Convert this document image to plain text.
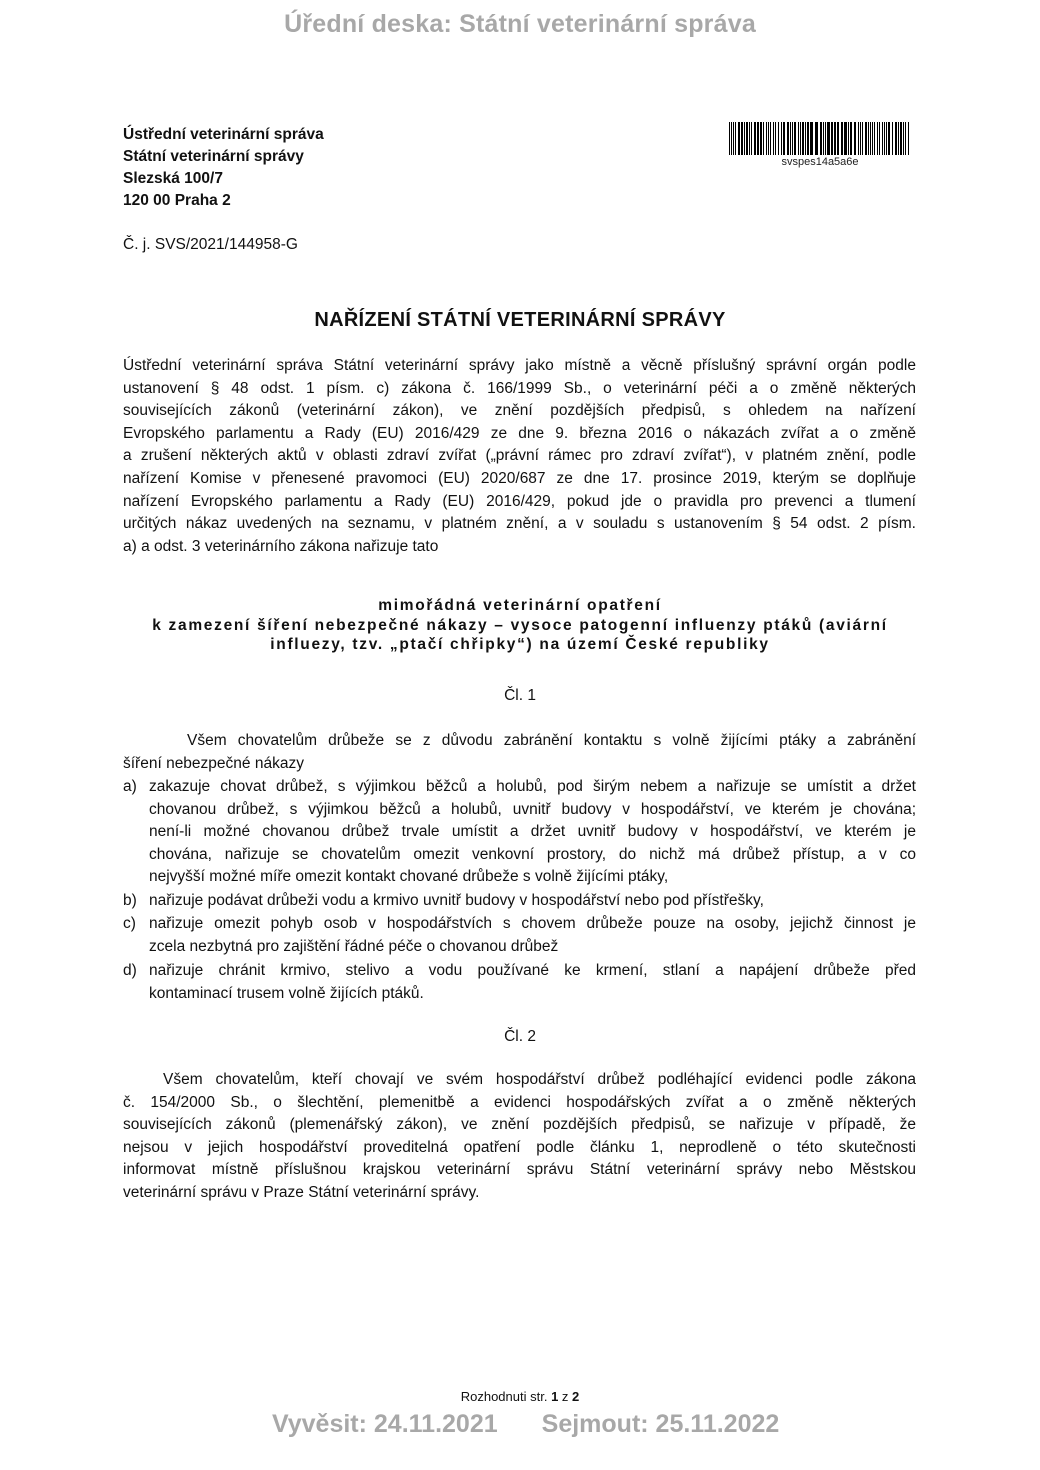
Úřední deska: Státní veterinární správa
Ústřední veterinární správa
Státní veterinární správy
Slezská 100/7
120 00 Praha 2
svspes14a5a6e
Č. j. SVS/2021/144958-G
NAŘÍZENÍ STÁTNÍ VETERINÁRNÍ SPRÁVY
Ústřední veterinární správa Státní veterinární správy jako místně a věcně příslušný správní orgán podle
ustanovení § 48 odst. 1 písm. c) zákona č. 166/1999 Sb., o veterinární péči a o změně některých
souvisejících zákonů (veterinární zákon), ve znění pozdějších předpisů, s ohledem na nařízení
Evropského parlamentu a Rady (EU) 2016/429 ze dne 9. března 2016 o nákazách zvířat a o změně
a zrušení některých aktů v oblasti zdraví zvířat („právní rámec pro zdraví zvířat“), v platném znění, podle
nařízení Komise v přenesené pravomoci (EU) 2020/687 ze dne 17. prosince 2019, kterým se doplňuje
nařízení Evropského parlamentu a Rady (EU) 2016/429, pokud jde o pravidla pro prevenci a tlumení
určitých nákaz uvedených na seznamu, v platném znění, a v souladu s ustanovením § 54 odst. 2 písm.
a) a odst. 3 veterinárního zákona nařizuje tato
mimořádná veterinární opatření
k zamezení šíření nebezpečné nákazy – vysoce patogenní influenzy ptáků (aviární
influezy, tzv. „ptačí chřipky“) na území České republiky
Čl. 1
Všem chovatelům drůbeže se z důvodu zabránění kontaktu s volně žijícími ptáky a zabránění
šíření nebezpečné nákazy
a) zakazuje chovat drůbež, s výjimkou běžců a holubů, pod širým nebem a nařizuje se umístit a držet
chovanou drůbež, s výjimkou běžců a holubů, uvnitř budovy v hospodářství, ve kterém je chována;
není-li možné chovanou drůbež trvale umístit a držet uvnitř budovy v hospodářství, ve kterém je
chována, nařizuje se chovatelům omezit venkovní prostory, do nichž má drůbež přístup, a v co
nejvyšší možné míře omezit kontakt chované drůbeže s volně žijícími ptáky,
b) nařizuje podávat drůbeži vodu a krmivo uvnitř budovy v hospodářství nebo pod přístřešky,
c) nařizuje omezit pohyb osob v hospodářstvích s chovem drůbeže pouze na osoby, jejichž činnost je
zcela nezbytná pro zajištění řádné péče o chovanou drůbež
d) nařizuje chránit krmivo, stelivo a vodu používané ke krmení, stlaní a napájení drůbeže před
kontaminací trusem volně žijících ptáků.
Čl. 2
Všem chovatelům, kteří chovají ve svém hospodářství drůbež podléhající evidenci podle zákona
č. 154/2000 Sb., o šlechtění, plemenitbě a evidenci hospodářských zvířat a o změně některých
souvisejících zákonů (plemenářský zákon), ve znění pozdějších předpisů, se nařizuje v případě, že
nejsou v jejich hospodářství proveditelná opatření podle článku 1, neprodleně o této skutečnosti
informovat místně příslušnou krajskou veterinární správu Státní veterinární správy nebo Městskou
veterinární správu v Praze Státní veterinární správy.
Rozhodnuti str. 1 z 2
Vyvěsit: 24.11.2021 Sejmout: 25.11.2022
